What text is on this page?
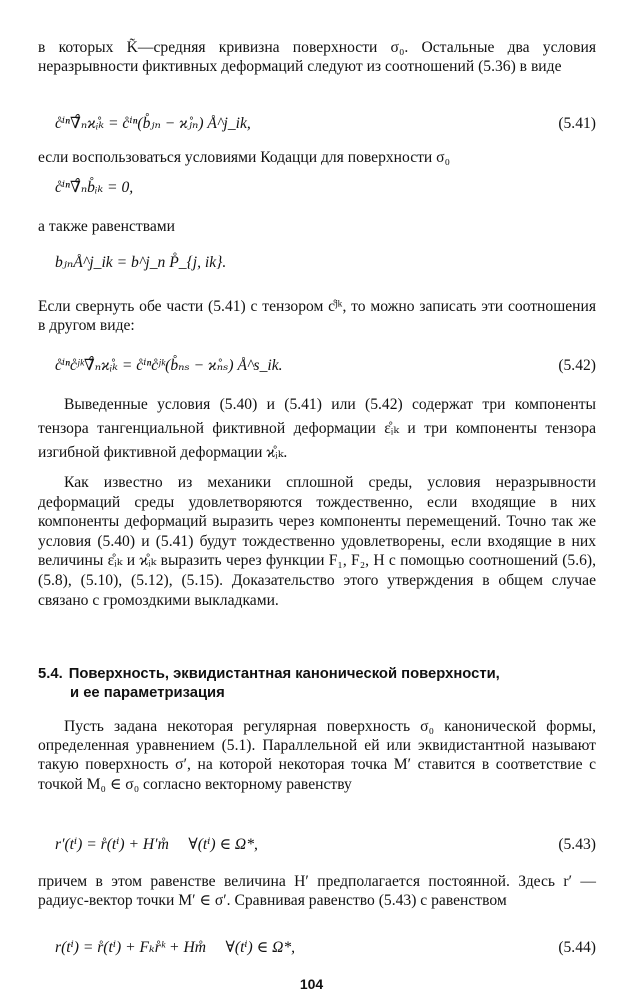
в которых K̃—средняя кривизна поверхности σ₀. Остальные два условия неразрывности фиктивных деформаций следуют из соотношений (5.36) в виде
c̊ⁱⁿ∇̊ₙϰ̊ᵢₖ = c̊ⁱⁿ(b̊ⱼₙ − ϰ̊ⱼₙ) Å^j_ik,	(5.41)
если воспользоваться условиями Кодацци для поверхности σ₀
c̊ⁱⁿ∇̊ₙb̊ᵢₖ = 0,
а также равенствами
bⱼₙÅ^j_ik = b^j_n P̊_{j, ik}.
Если свернуть обе части (5.41) с тензором c̊ʲᵏ, то можно записать эти соотношения в другом виде:
c̊ⁱⁿc̊ʲᵏ∇̊ₙϰ̊ᵢₖ = c̊ⁱⁿc̊ʲᵏ(b̊ₙₛ − ϰ̊ₙₛ) Å^s_ik.	(5.42)
Выведенные условия (5.40) и (5.41) или (5.42) содержат три компоненты тензора тангенциальной фиктивной деформации ε̊ᵢₖ и три компоненты тензора изгибной фиктивной деформации ϰ̊ᵢₖ.
Как известно из механики сплошной среды, условия неразрывности деформаций среды удовлетворяются тождественно, если входящие в них компоненты деформаций выразить через компоненты перемещений. Точно так же условия (5.40) и (5.41) будут тождественно удовлетворены, если входящие в них величины ε̊ᵢₖ и ϰ̊ᵢₖ выразить через функции F₁, F₂, H с помощью соотношений (5.6), (5.8), (5.10), (5.12), (5.15). Доказательство этого утверждения в общем случае связано с громоздкими выкладками.
5.4. Поверхность, эквидистантная канонической поверхности,
и ее параметризация
Пусть задана некоторая регулярная поверхность σ₀ канонической формы, определенная уравнением (5.1). Параллельной ей или эквидистантной называют такую поверхность σ′, на которой некоторая точка M′ ставится в соответствие с точкой M₀ ∈ σ₀ согласно векторному равенству
r′(tⁱ) = r̊(tⁱ) + H′m̊     ∀(tⁱ) ∈ Ω*,	(5.43)
причем в этом равенстве величина H′ предполагается постоянной. Здесь r′ — радиус-вектор точки M′ ∈ σ′. Сравнивая равенство (5.43) с равенством
r(tⁱ) = r̊(tⁱ) + Fₖr̊ᵏ + Hm̊     ∀(tⁱ) ∈ Ω*,	(5.44)
104
